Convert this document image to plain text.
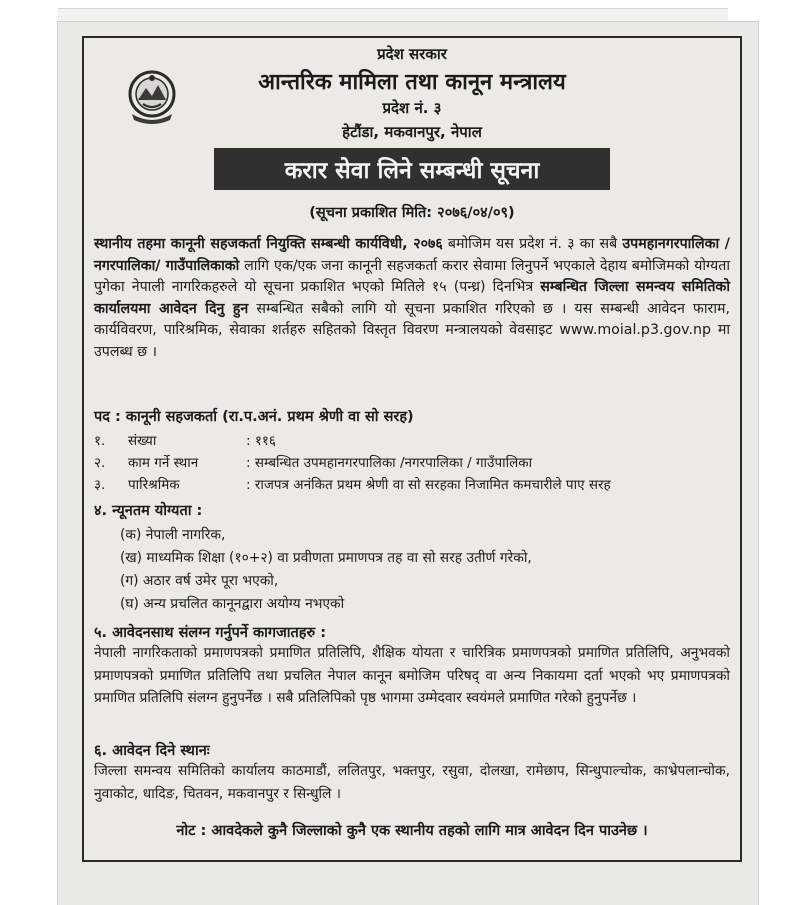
प्रदेश सरकार
आन्तरिक मामिला तथा कानून मन्त्रालय
प्रदेश नं. ३
हेटौंडा, मकवानपुर, नेपाल
करार सेवा लिने सम्बन्धी सूचना
(सूचना प्रकाशित मिति: २०७६/०४/०९)
स्थानीय तहमा कानूनी सहजकर्ता नियुक्ति सम्बन्धी कार्यविधी, २०७६ बमोजिम यस प्रदेश नं. ३ का सबै उपमहानगरपालिका / नगरपालिका/ गाउँपालिकाको लागि एक/एक जना कानूनी सहजकर्ता करार सेवामा लिनुपर्ने भएकाले देहाय बमोजिमको योग्यता पुगेका नेपाली नागरिकहरुले यो सूचना प्रकाशित भएको मितिले १५ (पन्ध्र) दिनभित्र सम्बन्धित जिल्ला समन्वय समितिको कार्यालयमा आवेदन दिनु हुन सम्बन्धित सबैको लागि यो सूचना प्रकाशित गरिएको छ । यस सम्बन्धी आवेदन फाराम, कार्यविवरण, पारिश्रमिक, सेवाका शर्तहरु सहितको विस्तृत विवरण मन्त्रालयको वेवसाइट www.moial.p3.gov.np मा उपलब्ध छ ।
पद : कानूनी सहजकर्ता (रा.प.अनं. प्रथम श्रेणी वा सो सरह)
१. संख्या	: ११६
२. काम गर्ने स्थान	: सम्बन्धित उपमहानगरपालिका /नगरपालिका / गाउँपालिका
३. पारिश्रमिक	: राजपत्र अनंकित प्रथम श्रेणी वा सो सरहका निजामित कमचारीले पाए सरह
४. न्यूनतम योग्यता :
(क) नेपाली नागरिक,
(ख) माध्यमिक शिक्षा (१०+२) वा प्रवीणता प्रमाणपत्र तह वा सो सरह उतीर्ण गरेको,
(ग) अठार वर्ष उमेर पूरा भएको,
(घ) अन्य प्रचलित कानूनद्वारा अयोग्य नभएको
५. आवेदनसाथ संलग्न गर्नुपर्ने कागजातहरु :
नेपाली नागरिकताको प्रमाणपत्रको प्रमाणित प्रतिलिपि, शैक्षिक योयता र चारित्रिक प्रमाणपत्रको प्रमाणित प्रतिलिपि, अनुभवको प्रमाणपत्रको प्रमाणित प्रतिलिपि तथा प्रचलित नेपाल कानून बमोजिम परिषद् वा अन्य निकायमा दर्ता भएको भए प्रमाणपत्रको प्रमाणित प्रतिलिपि संलग्न हुनुपर्नेछ । सबै प्रतिलिपिको पृष्ठ भागमा उम्मेदवार स्वयंमले प्रमाणित गरेको हुनुपर्नेछ ।
६. आवेदन दिने स्थानः
जिल्ला समन्वय समितिको कार्यालय काठमाडौं, ललितपुर, भक्तपुर, रसुवा, दोलखा, रामेछाप, सिन्धुपाल्चोक, काभ्रेपलान्चोक, नुवाकोट, धादिङ, चितवन, मकवानपुर र सिन्धुलि ।
नोट : आवदेकले कुनै जिल्लाको कुनै एक स्थानीय तहको लागि मात्र आवेदन दिन पाउनेछ ।
